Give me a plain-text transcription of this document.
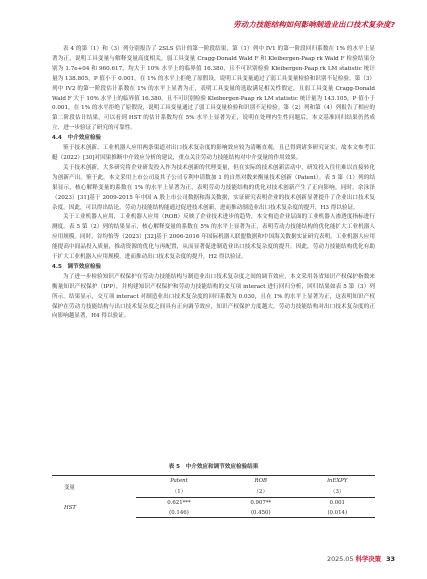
劳动力技能结构如何影响制造业出口技术复杂度?

表 4 的第（1）和（3）列分别报告了 2SLS 估计的第一阶段结果，第（1）列中 IV1 的第一阶段回归系数在 1% 的水平上显著为正，说明工具变量与解释变量高度相关，弱工具变量 Cragg-Donald Wald F 和 Kleibergen-Paap rk Wald F 检验结果分别为 1.7e+04 和 960.617，均大于 10% 水平上的临界值 16.380，且不可识别检验 Kleibergen-Paap rk LM statistic 统计量为 138.805，P 值小于 0.001，在 1% 的水平上拒绝了原假设，说明工具变量通过了弱工具变量检验和识别不足检验。第（3）列中 IV2 的第一阶段估计系数在 1% 的水平上显著为正，表明工具变量的选取满足相关性假定，且弱工具变量 Cragg-Donald Wald F 大于 10% 水平上的临界值 16.380，且不可识别检验 Kleibergen-Paap rk LM statistic 统计量为 143.105，P 值小于 0.001，在 1% 的水平拒绝了原假设，说明工具变量通过了弱工具变量检验和识别不足检验。第（2）列和第（4）列报告了相应的第二阶段估计结果，可以看到 HST 的估计系数均在 5% 水平上显著为正，说明在处理内生性问题后，本文基准回归结果仍然成立，进一步验证了研究的可靠性。

4.4　中介效应检验

鉴于技术创新、工业机器人应用两条渠道对出口技术复杂度的影响效应较为清晰直观，且已得到诸多研究证实，故本文参考江艇（2022）[30]对因果推断中介效应分析的建议，重点关注劳动力技能结构对中介变量的作用效果。

关于技术创新，大多研究将企业研发投入作为技术创新的代理变量，但在实际的技术创新活动中，研发投入往往难以直接转化为创新产出。鉴于此，本文采用上市公司及其子公司专利申请数加 1 的自然对数来衡量技术创新（Patent）。表 5 第（1）列的结果显示，核心解释变量的系数在 1% 的水平上显著为正，表明劳动力技能结构的优化对技术创新产生了正向影响。同时，余泳泽（2023）[31]基于 2009-2015 年中国 A 股上市公司数据和海关数据，实证研究表明企业的技术创新显著提升了企业出口技术复杂度。因此，可以得出结论，劳动力技能结构能通过促进技术创新，进而推动制造业出口技术复杂度的提升，H3 得以验证。

关于工业机器人应用，工业机器人应用（ROB）反映了企业技术进步的趋势，本文构造企业层面的工业机器人渗透度指标进行测度。表 5 第（2）列的结果显示，核心解释变量的系数在 5% 的水平上显著为正，表明劳动力技能结构的优化能扩大工业机器人应用规模。同时，谷均怡等（2023）[32]基于 2006-2016 年国际机器人联盟数据和中国海关数据实证研究表明，工业机器人应用能提高中间品投入质量，推动资源的优化与再配置，从而显著促进制造业出口技术复杂度的提升。因此，劳动力技能结构优化有助于扩大工业机器人应用规模，进而推动出口技术复杂度的提升，H2 得以验证。

4.5　调节效应检验

为了进一步检验知识产权保护在劳动力技能结构与制造业出口技术复杂度之间的调节效应，本文采用各省知识产权保护指数来衡量知识产权保护（IPP），并构建知识产权保护和劳动力技能结构的交互项 interact 进行回归分析，回归结果如表 5 第（3）列所示。结果显示，交互项 interact 对制造业出口技术复杂度的回归系数为 0.030，且在 1% 的水平上显著为正，这表明知识产权保护在劳动力技能结构与出口技术复杂度之间具有正向调节效应，知识产权保护力度越大，劳动力技能结构对出口技术复杂度的正向影响越显著，H4 得以验证。

表 5　中介效应和调节效应检验结果
变量	Patent	ROB	lnEXPY
	（1）	（2）	（3）
HST	0.621***	0.907**	0.001
	(0.146)	(0.450)	(0.014)
2025.05 科学决策 33
